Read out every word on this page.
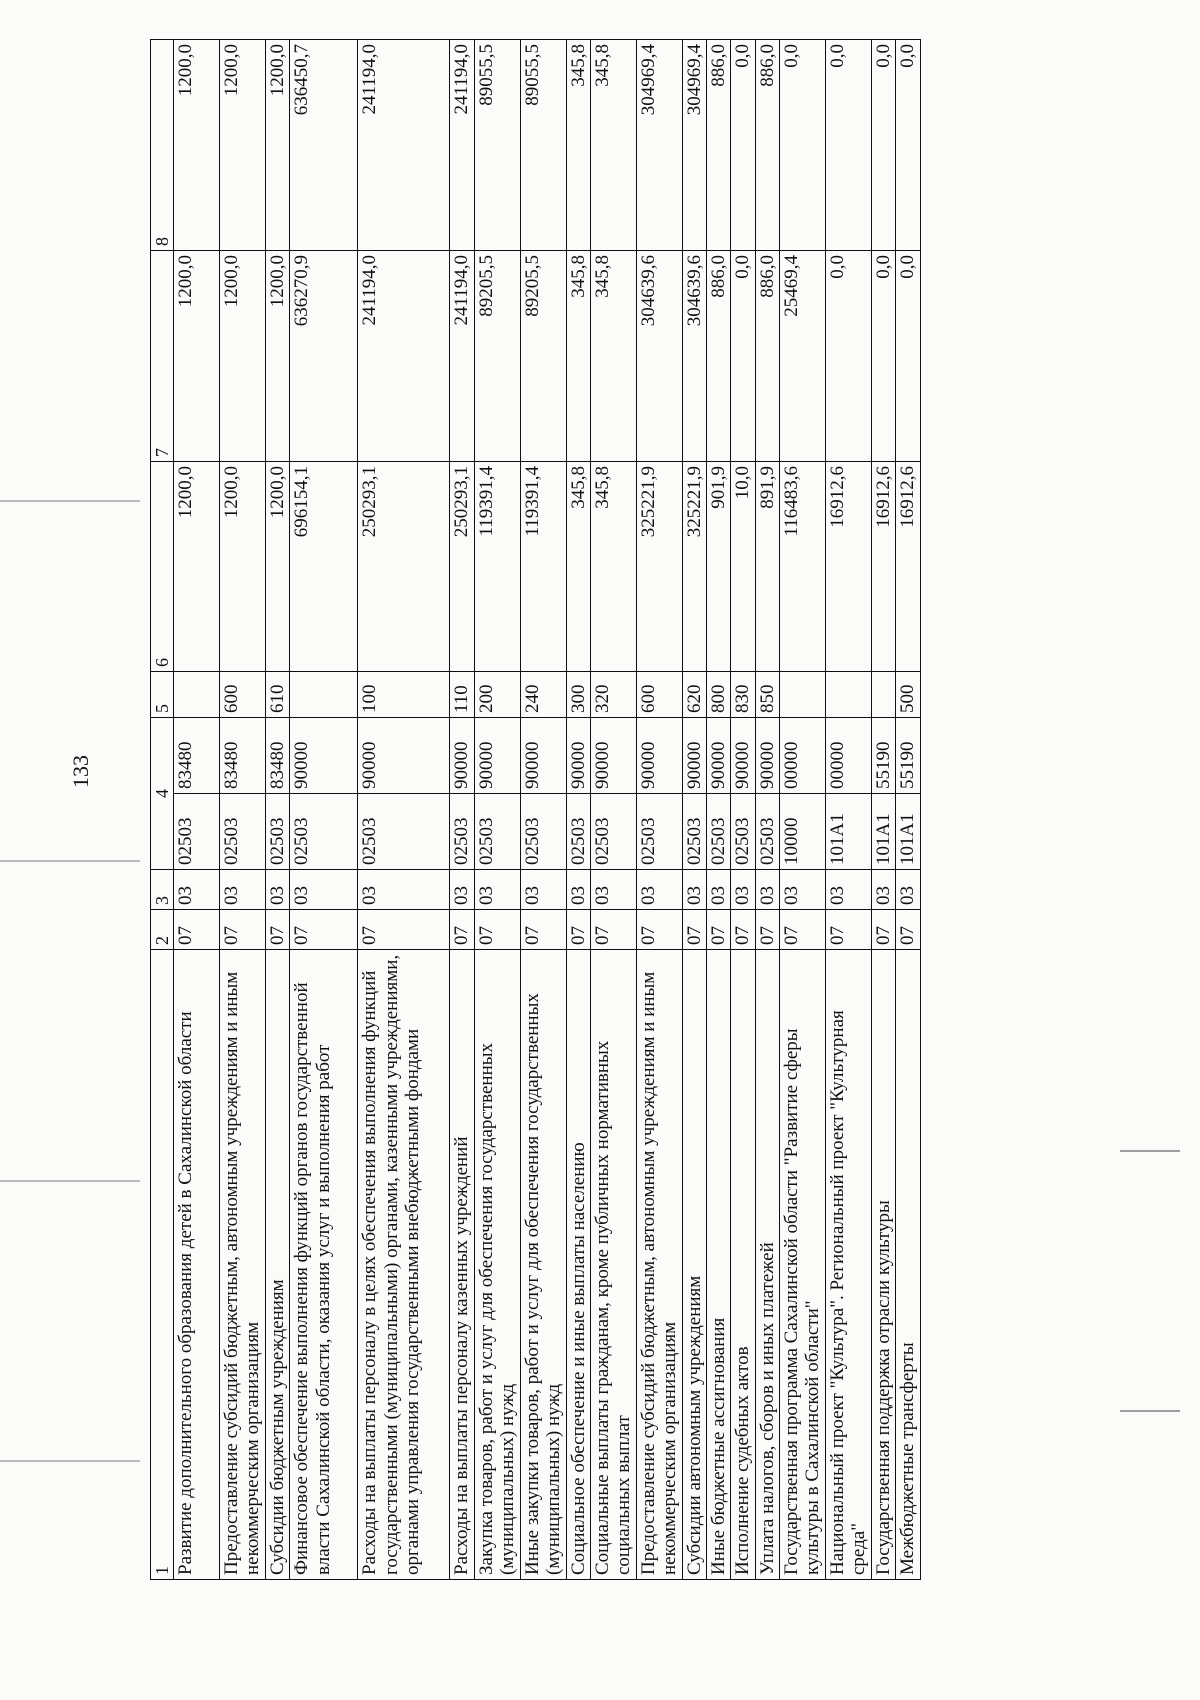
133
1	2	3	4		5	6	7	8
Развитие дополнительного образования детей в Сахалинской области	07	03	02503	83480		1200,0	1200,0	1200,0
Предоставление субсидий бюджетным, автономным учреждениям и иным некоммерческим организациям	07	03	02503	83480	600	1200,0	1200,0	1200,0
Субсидии бюджетным учреждениям	07	03	02503	83480	610	1200,0	1200,0	1200,0
Финансовое обеспечение выполнения функций органов государственной власти Сахалинской области, оказания услуг и выполнения работ	07	03	02503	90000		696154,1	636270,9	636450,7
Расходы на выплаты персоналу в целях обеспечения выполнения функций государственными (муниципальными) органами, казенными учреждениями, органами управления государственными внебюджетными фондами	07	03	02503	90000	100	250293,1	241194,0	241194,0
Расходы на выплаты персоналу казенных учреждений	07	03	02503	90000	110	250293,1	241194,0	241194,0
Закупка товаров, работ и услуг для обеспечения государственных (муниципальных) нужд	07	03	02503	90000	200	119391,4	89205,5	89055,5
Иные закупки товаров, работ и услуг для обеспечения государственных (муниципальных) нужд	07	03	02503	90000	240	119391,4	89205,5	89055,5
Социальное обеспечение и иные выплаты населению	07	03	02503	90000	300	345,8	345,8	345,8
Социальные выплаты гражданам, кроме публичных нормативных социальных выплат	07	03	02503	90000	320	345,8	345,8	345,8
Предоставление субсидий бюджетным, автономным учреждениям и иным некоммерческим организациям	07	03	02503	90000	600	325221,9	304639,6	304969,4
Субсидии автономным учреждениям	07	03	02503	90000	620	325221,9	304639,6	304969,4
Иные бюджетные ассигнования	07	03	02503	90000	800	901,9	886,0	886,0
Исполнение судебных актов	07	03	02503	90000	830	10,0	0,0	0,0
Уплата налогов, сборов и иных платежей	07	03	02503	90000	850	891,9	886,0	886,0
Государственная программа Сахалинской области "Развитие сферы культуры в Сахалинской области"	07	03	10000	00000		116483,6	25469,4	0,0
Национальный проект "Культура". Региональный проект "Культурная среда"	07	03	101A1	00000		16912,6	0,0	0,0
Государственная поддержка отрасли культуры	07	03	101A1	55190		16912,6	0,0	0,0
Межбюджетные трансферты	07	03	101A1	55190	500	16912,6	0,0	0,0
